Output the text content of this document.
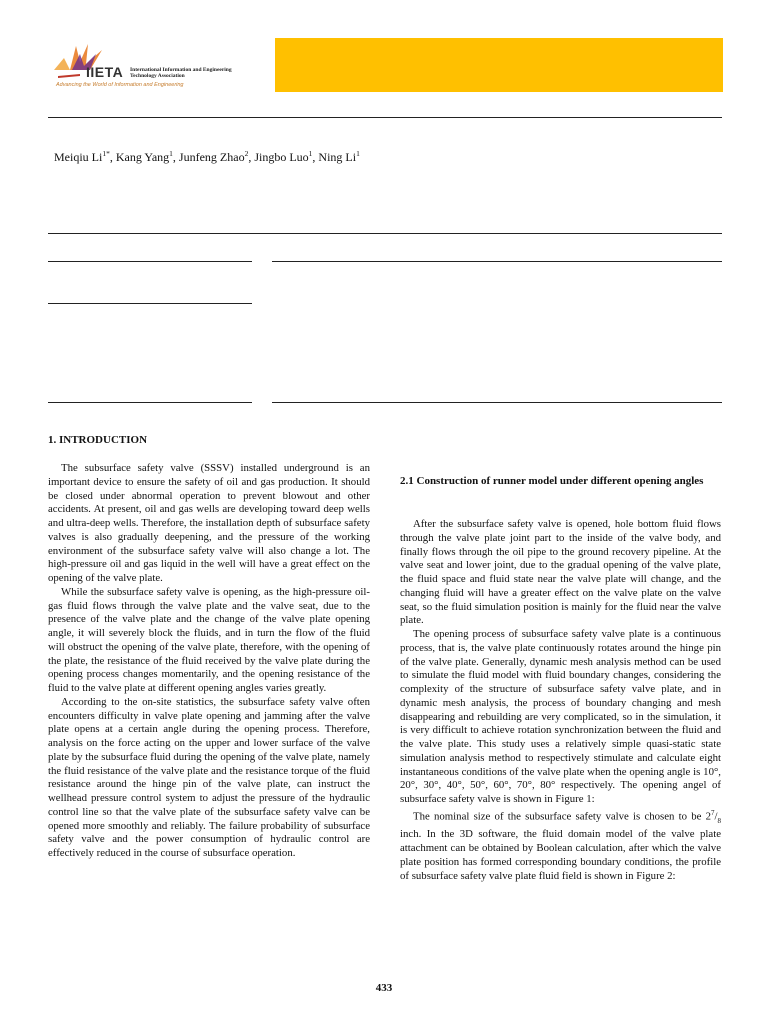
IIETA International Information and Engineering Technology Association
Advancing the World of Information and Engineering
Meiqiu $Li^{1*}$, Kang Yang$^1$, Junfeng Zhao$^2$, Jingbo Luo$^1$, Ning Li$^1$
1. INTRODUCTION

The subsurface safety valve (SSSV) installed underground is an important device to ensure the safety of oil and gas production. It should be closed under abnormal operation to prevent blowout and other accidents. At present, oil and gas wells are developing toward deep wells and ultra-deep wells. Therefore, the installation depth of subsurface safety valves is also gradually deepening, and the pressure of the working environment of the subsurface safety valve will also change a lot. The high-pressure oil and gas liquid in the well will have a great effect on the opening of the valve plate.

While the subsurface safety valve is opening, as the high-pressure oil-gas fluid flows through the valve plate and the valve seat, due to the presence of the valve plate and the change of the valve plate opening angle, it will severely block the fluids, and in turn the flow of the fluid will obstruct the opening of the valve plate, therefore, with the opening of the plate, the resistance of the fluid received by the valve plate during the opening process changes momentarily, and the opening resistance of the fluid to the valve plate at different opening angles varies greatly.

According to the on-site statistics, the subsurface safety valve often encounters difficulty in valve plate opening and jamming after the valve plate opens at a certain angle during the opening process. Therefore, analysis on the force acting on the upper and lower surface of the valve plate by the subsurface fluid during the opening of the valve plate, namely the fluid resistance of the valve plate and the resistance torque of the fluid resistance around the hinge pin of the valve plate, can instruct the wellhead pressure control system to adjust the pressure of the hydraulic control line so that the valve plate of the subsurface safety valve can be opened more smoothly and reliably. The failure probability of subsurface safety valve and the power consumption of hydraulic control are effectively reduced in the course of subsurface operation.

2.1 Construction of runner model under different opening angles

After the subsurface safety valve is opened, hole bottom fluid flows through the valve plate joint part to the inside of the valve body, and finally flows through the oil pipe to the ground recovery pipeline. At the valve seat and lower joint, due to the gradual opening of the valve plate, the fluid space and fluid state near the valve plate will change, and the changing fluid will have a greater effect on the valve plate on the valve seat, so the fluid simulation position is mainly for the fluid near the valve plate.

The opening process of subsurface safety valve plate is a continuous process, that is, the valve plate continuously rotates around the hinge pin of the valve plate. Generally, dynamic mesh analysis method can be used to simulate the fluid model with fluid boundary changes, considering the complexity of the structure of subsurface safety valve plate, and in dynamic mesh analysis, the process of boundary changing and mesh disappearing and rebuilding are very complicated, so in the simulation, it is very difficult to achieve rotation synchronization between the fluid and the valve plate. This study uses a relatively simple quasi-static state simulation analysis method to respectively stimulate and calculate eight instantaneous conditions of the valve plate when the opening angle is 10°, 20°, 30°, 40°, 50°, 60°, 70°, 80° respectively. The opening angel of subsurface safety valve is shown in Figure 1:

The nominal size of the subsurface safety valve is chosen to be $2^7/_8$ inch. In the 3D software, the fluid domain model of the valve plate attachment can be obtained by Boolean calculation, after which the valve plate position has formed corresponding boundary conditions, the profile of subsurface safety valve plate fluid field is shown in Figure 2:

433
